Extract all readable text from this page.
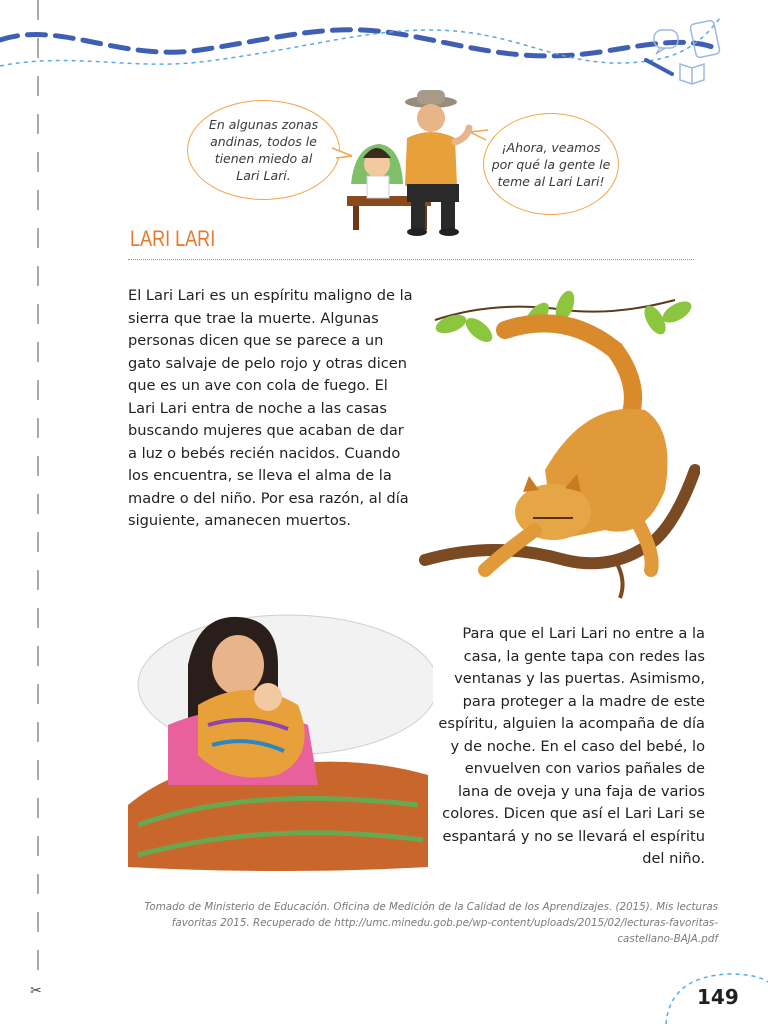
✂
En algunas zonas andinas, todos le tienen miedo al Lari Lari.
¡Ahora, veamos por qué la gente le teme al Lari Lari!
LARI LARI
El Lari Lari es un espíritu maligno de la sierra que trae la muerte. Algunas personas dicen que se parece a un gato salvaje de pelo rojo y otras dicen que es un ave con cola de fuego. El Lari Lari entra de noche a las casas buscando mujeres que acaban de dar a luz o bebés recién nacidos. Cuando los encuentra, se lleva el alma de la madre o del niño. Por esa razón, al día siguiente, amanecen muertos.
Para que el Lari Lari no entre a la casa, la gente tapa con redes las ventanas y las puertas. Asimismo, para proteger a la madre de este espíritu, alguien la acompaña de día y de noche. En el caso del bebé, lo envuelven con varios pañales de lana de oveja y una faja de varios colores. Dicen que así el Lari Lari se espantará y no se llevará el espíritu del niño.
Tomado de Ministerio de Educación. Oficina de Medición de la Calidad de los Aprendizajes. (2015). Mis lecturas favoritas 2015. Recuperado de http://umc.minedu.gob.pe/wp-content/uploads/2015/02/lecturas-favoritas-castellano-BAJA.pdf
149
